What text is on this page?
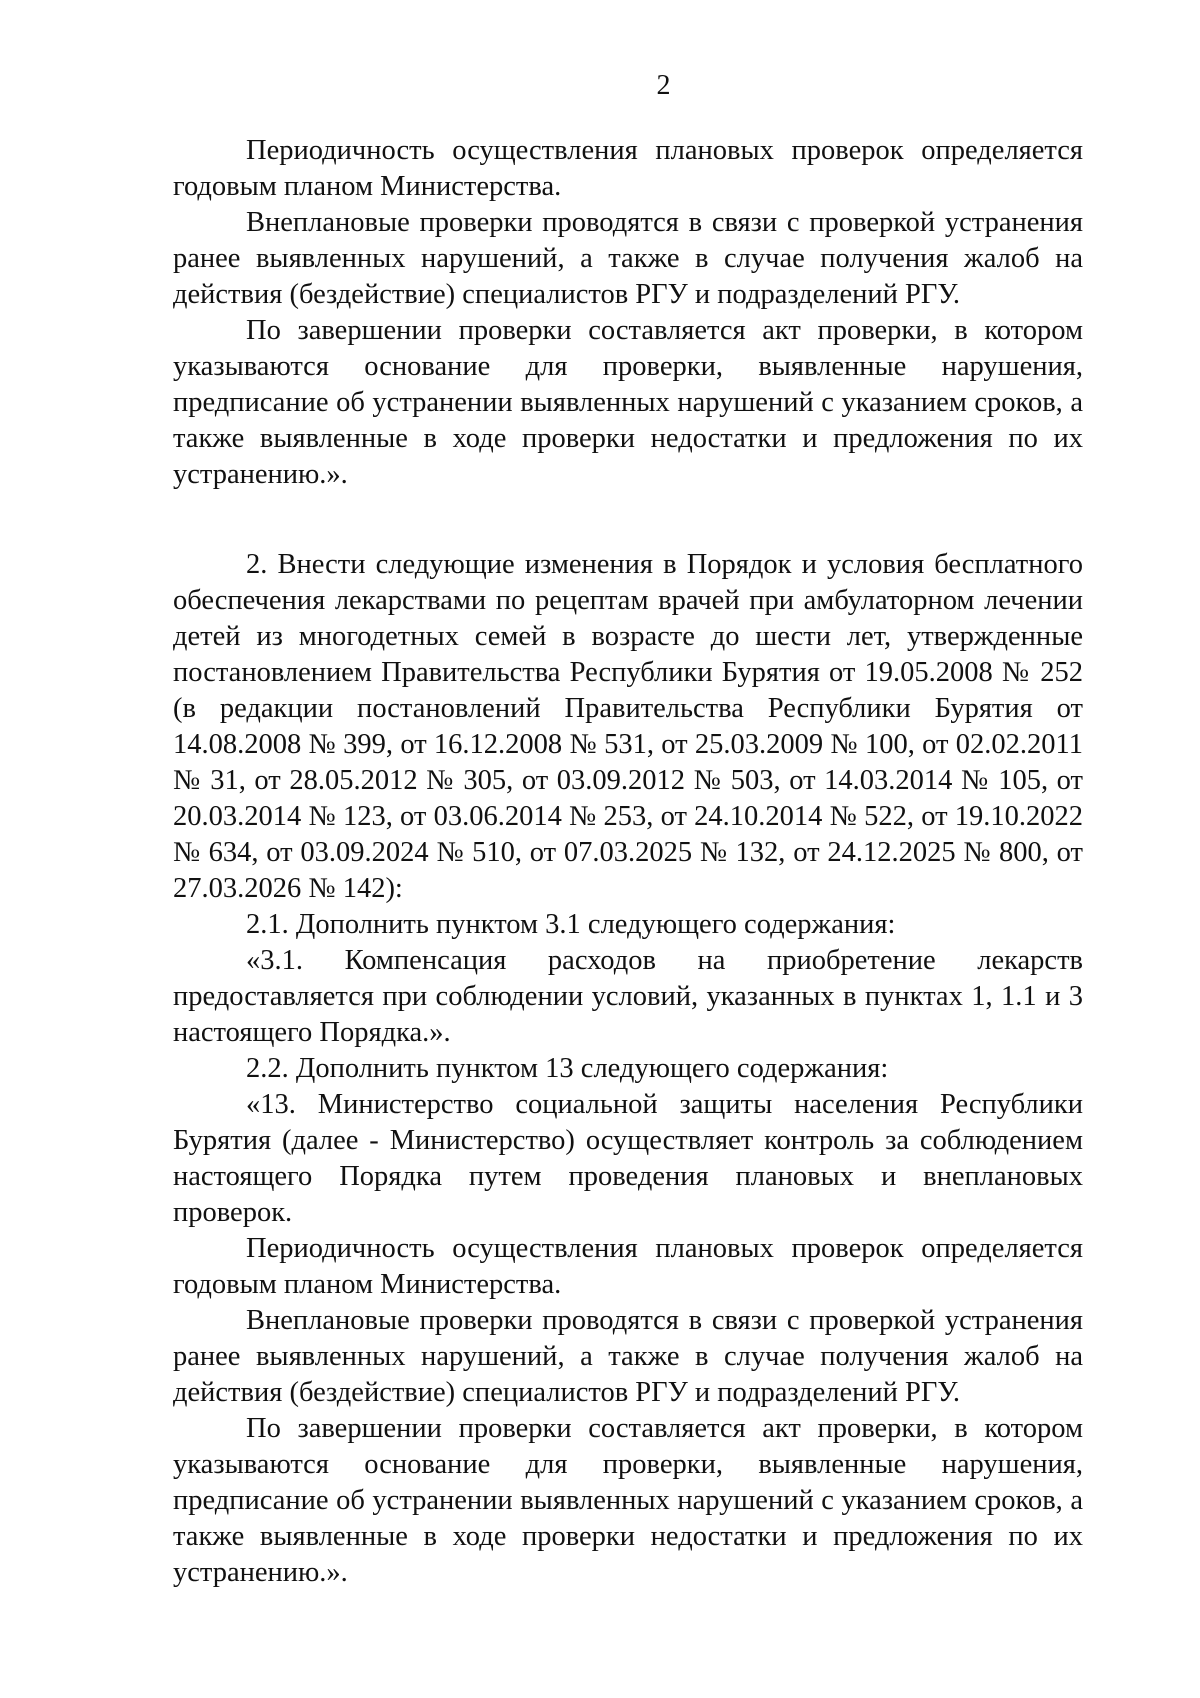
2

Периодичность осуществления плановых проверок определяется годовым планом Министерства.

Внеплановые проверки проводятся в связи с проверкой устранения ранее выявленных нарушений, а также в случае получения жалоб на действия (бездействие) специалистов РГУ и подразделений РГУ.

По завершении проверки составляется акт проверки, в котором указываются основание для проверки, выявленные нарушения, предписание об устранении выявленных нарушений с указанием сроков, а также выявленные в ходе проверки недостатки и предложения по их устранению.».

2. Внести следующие изменения в Порядок и условия бесплатного обеспечения лекарствами по рецептам врачей при амбулаторном лечении детей из многодетных семей в возрасте до шести лет, утвержденные постановлением Правительства Республики Бурятия от 19.05.2008 № 252 (в редакции постановлений Правительства Республики Бурятия от 14.08.2008 № 399, от 16.12.2008 № 531, от 25.03.2009 № 100, от 02.02.2011 № 31, от 28.05.2012 № 305, от 03.09.2012 № 503, от 14.03.2014 № 105, от 20.03.2014 № 123, от 03.06.2014 № 253, от 24.10.2014 № 522, от 19.10.2022 № 634, от 03.09.2024 № 510, от 07.03.2025 № 132, от 24.12.2025 № 800, от 27.03.2026 № 142):

2.1. Дополнить пунктом 3.1 следующего содержания:

«3.1. Компенсация расходов на приобретение лекарств предоставляется при соблюдении условий, указанных в пунктах 1, 1.1 и 3 настоящего Порядка.».

2.2. Дополнить пунктом 13 следующего содержания:

«13. Министерство социальной защиты населения Республики Бурятия (далее - Министерство) осуществляет контроль за соблюдением настоящего Порядка путем проведения плановых и внеплановых проверок.

Периодичность осуществления плановых проверок определяется годовым планом Министерства.

Внеплановые проверки проводятся в связи с проверкой устранения ранее выявленных нарушений, а также в случае получения жалоб на действия (бездействие) специалистов РГУ и подразделений РГУ.

По завершении проверки составляется акт проверки, в котором указываются основание для проверки, выявленные нарушения, предписание об устранении выявленных нарушений с указанием сроков, а также выявленные в ходе проверки недостатки и предложения по их устранению.».
